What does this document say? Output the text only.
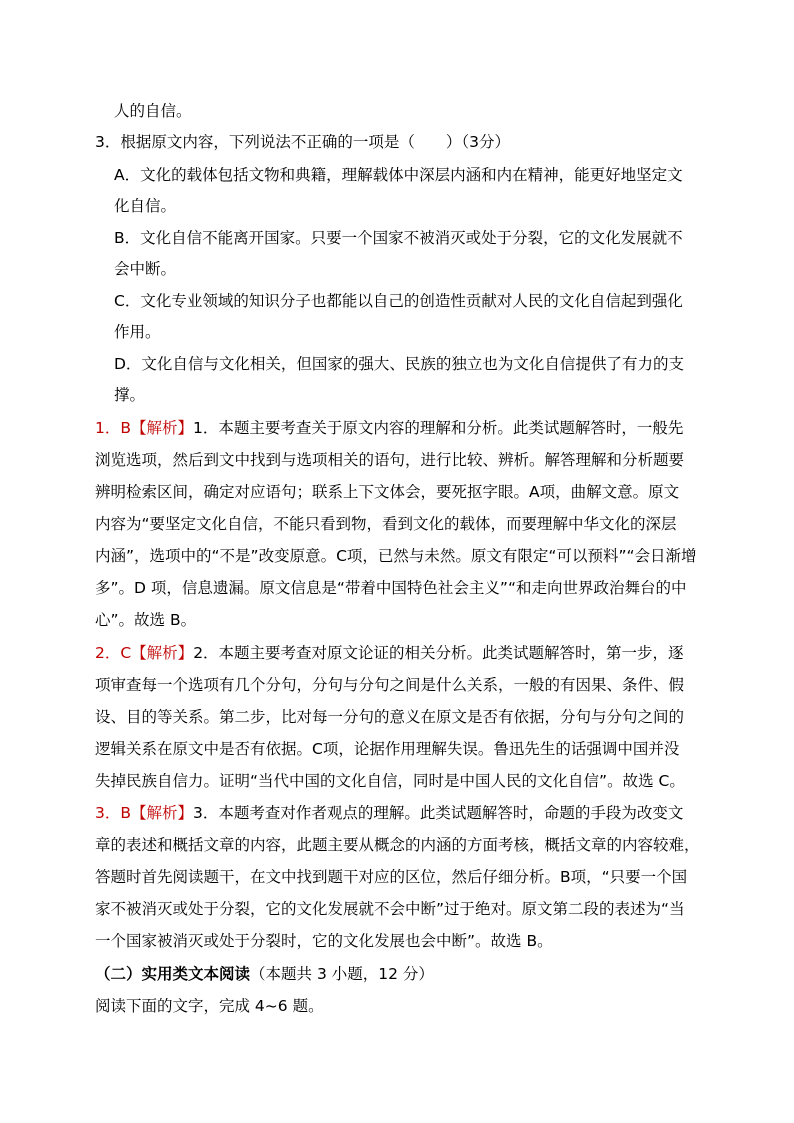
人的自信。
3．根据原文内容，下列说法不正确的一项是（　　）（3分）
A．文化的载体包括文物和典籍，理解载体中深层内涵和内在精神，能更好地坚定文
化自信。
B．文化自信不能离开国家。只要一个国家不被消灭或处于分裂，它的文化发展就不
会中断。
C．文化专业领域的知识分子也都能以自己的创造性贡献对人民的文化自信起到强化
作用。
D．文化自信与文化相关，但国家的强大、民族的独立也为文化自信提供了有力的支
撑。
1．B【解析】1．本题主要考查关于原文内容的理解和分析。此类试题解答时，一般先
浏览选项，然后到文中找到与选项相关的语句，进行比较、辨析。解答理解和分析题要
辨明检索区间，确定对应语句；联系上下文体会，要死抠字眼。A项，曲解文意。原文
内容为“要坚定文化自信，不能只看到物，看到文化的载体，而要理解中华文化的深层
内涵”，选项中的“不是”改变原意。C项，已然与未然。原文有限定“可以预料”“会日渐增
多”。D 项，信息遗漏。原文信息是“带着中国特色社会主义”“和走向世界政治舞台的中
心”。故选 B。
2．C【解析】2．本题主要考查对原文论证的相关分析。此类试题解答时，第一步，逐
项审查每一个选项有几个分句，分句与分句之间是什么关系，一般的有因果、条件、假
设、目的等关系。第二步，比对每一分句的意义在原文是否有依据，分句与分句之间的
逻辑关系在原文中是否有依据。C项，论据作用理解失误。鲁迅先生的话强调中国并没
失掉民族自信力。证明“当代中国的文化自信，同时是中国人民的文化自信”。故选 C。
3．B【解析】3．本题考查对作者观点的理解。此类试题解答时，命题的手段为改变文
章的表述和概括文章的内容，此题主要从概念的内涵的方面考核，概括文章的内容较难，
答题时首先阅读题干，在文中找到题干对应的区位，然后仔细分析。B项，“只要一个国
家不被消灭或处于分裂，它的文化发展就不会中断”过于绝对。原文第二段的表述为“当
一个国家被消灭或处于分裂时，它的文化发展也会中断”。故选 B。
（二）实用类文本阅读（本题共 3 小题，12 分）
阅读下面的文字，完成 4~6 题。
